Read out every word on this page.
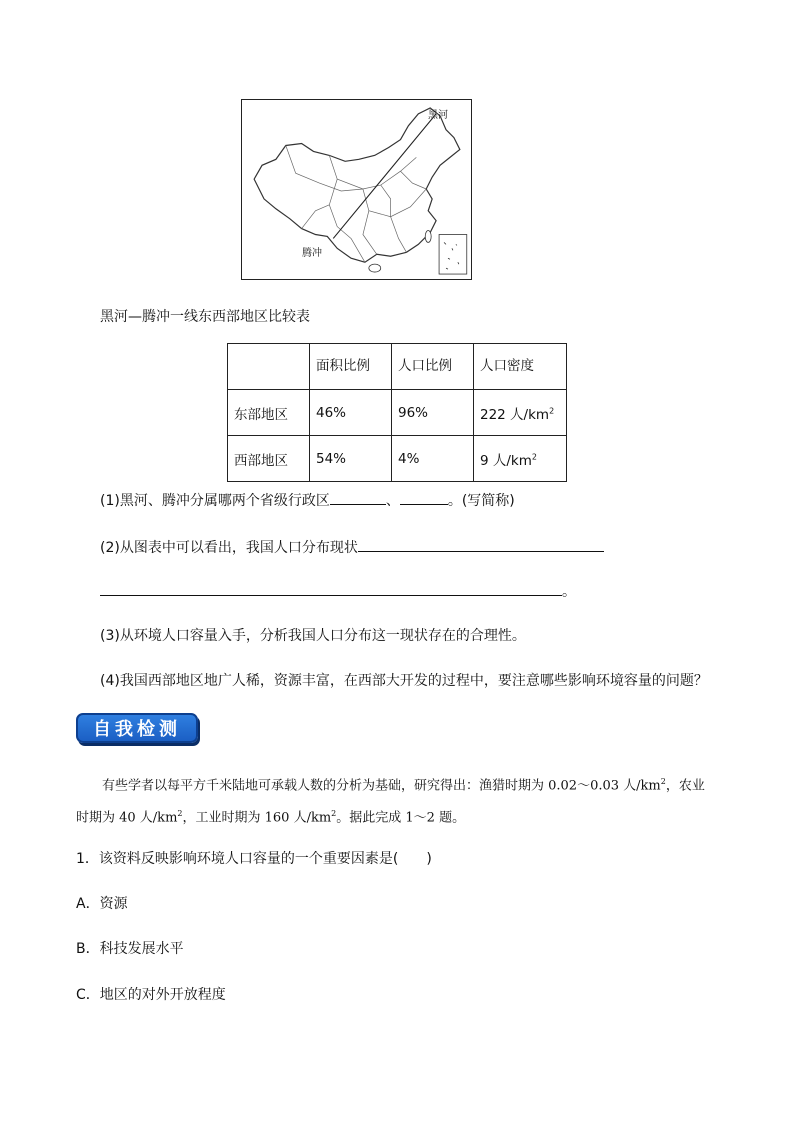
黑河
腾冲
黑河—腾冲一线东西部地区比较表
	面积比例	人口比例	人口密度
东部地区	46%	96%	222 人$/km^2$
西部地区	54%	4%	9 人$/km^2$
(1)黑河、腾冲分属哪两个省级行政区	、	。(写简称)
(2)从图表中可以看出，我国人口分布现状
。
(3)从环境人口容量入手，分析我国人口分布这一现状存在的合理性。
(4)我国西部地区地广人稀，资源丰富，在西部大开发的过程中，要注意哪些影响环境容量的问题？
自我检测
有些学者以每平方千米陆地可承载人数的分析为基础，研究得出：渔猎时期为 0.02～0.03 人$/km^2$，农业
时期为 40 人$/km^2$，工业时期为 160 人$/km^2$。据此完成 1～2 题。
1．该资料反映影响环境人口容量的一个重要因素是(　　)
A．资源
B．科技发展水平
C．地区的对外开放程度
